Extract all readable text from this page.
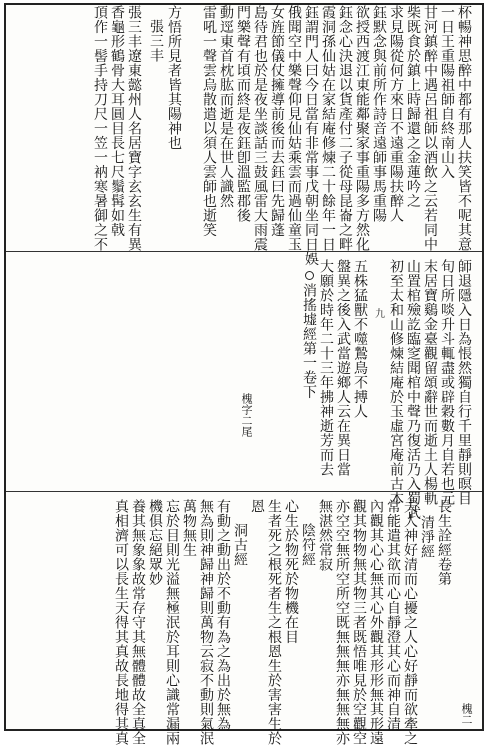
杯暢神思醉中都有那人扶笑皆不呢其意
一日王重陽祖師自終南山入
甘河鎮醉中遇呂祖師以酒飲之云若同中
柴既食於鎮上時歸還之金蓮吟之
求見陽從何方來日不遠重陽扶醉人
鈺默念與前所作詩音遠師事馬重陽
欲授西渡江東能鄰聚家事重陽多方然化
鈺念心決退以貨產付二子從母昆崙之畔
霞洞孫仙姑在家結庵修煉二十餘年一日
鈺謂門人曰今日當有非常事戊朝坐同日娛
俄聞空中樂聲仰見仙姑乘雲而過仙童玉
女旌節儀仗擁導前後而去鈺曰先歸蓬
島待君也於是夜坐談話三鼓風雷大雨震
門樂聲有頃而終是夜鈺卽溫監郡後
動逕東首枕肱而逝是在世人識然
雷吼一聲雲烏散遣以須人雲師也逝笑
方悟所見者皆其陽神也
張三丰
張三丰遼東懿州人名居寶字玄玄生有異
香龜形鶴骨大耳圓目長七尺鬚髯如戟
頂作一髻手持刀尺一笠一衲寒暑御之不
師退隱入日為悵然獨自行千里靜則暝目
旬日所啖升斗輒盡或辟穀數月自若也元
末居寶鷄金臺觀留頌辭世而逝土人楊軌
山置棺殮訖臨窆聞棺中聲乃復活乃入蜀武
初至太和山修煉結庵於玉虛宮庵前古木
九
五株猛獸不噬鷙鳥不搏人
盤異之後入武當遊鄉人云在異日當
大願於時年二十三年拂神逝芳而去
消搖墟經第一卷下
槐字二尾
長生詮經卷第
清淨經
夫人神好清而心擾之人心好靜而欲牽之
常能遣其欲而心自靜澄其心而神自清
內觀其心心無其心外觀其形形無其形遠
觀其物物無其物三者既悟唯見於空觀空
亦空空無所空所空既無無無亦無無無亦
無湛然常寂
陰符經
心生於物死於物機在目
生者死之根死者生之根恩生於害害生於
恩
洞古經
有動之動出於不動有為之為出於無為
無為則神歸神歸則萬物云寂不動則氣泯
萬物無生
忘於目則光溢無極泯於耳則心識常漏兩
機俱忘絕眾妙
養其無象象故常存守其無體體故全真全
真相濟可以長生天得其真故長地得其真	槐二
